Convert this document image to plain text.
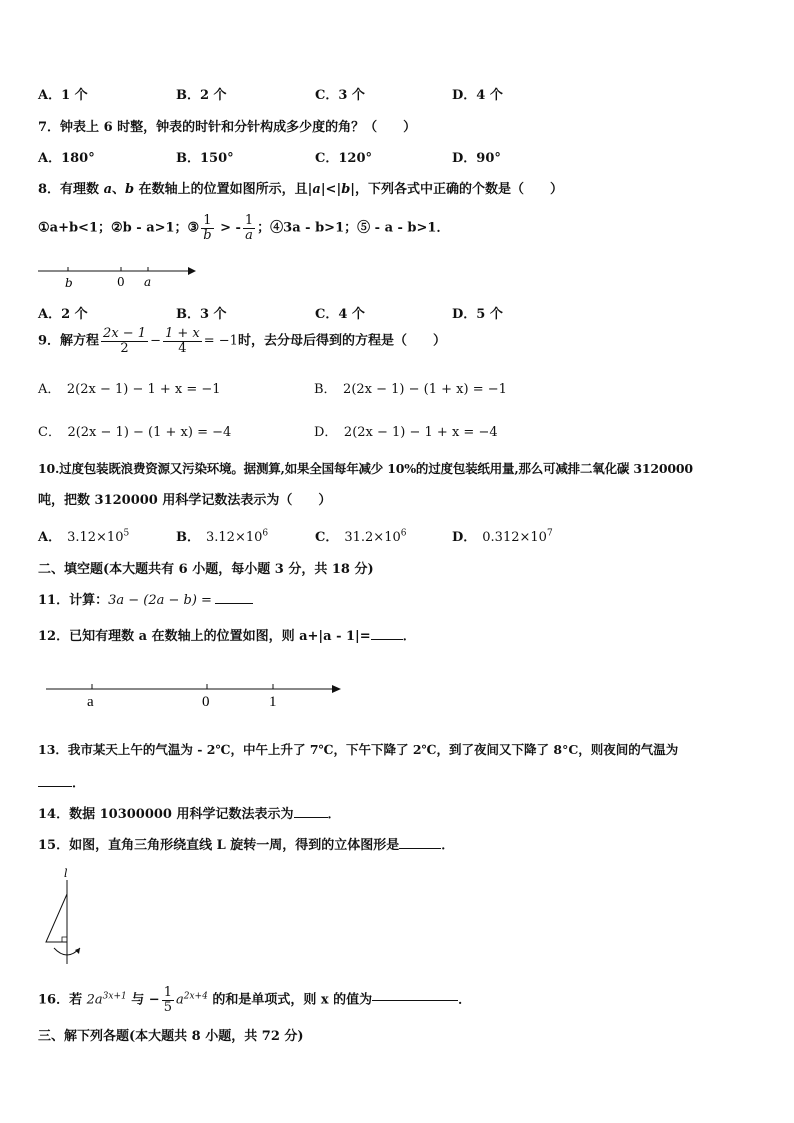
A．1 个	B．2 个	C．3 个	D．4 个
7．钟表上 6 时整，钟表的时针和分针构成多少度的角？（　　）
A．180°	B．150°	C．120°	D．90°
8．有理数 a、b 在数轴上的位置如图所示，且|a|<|b|，下列各式中正确的个数是（　　）
①a+b<1；②b - a>1；③ $\frac{1}{b}$ > - $\frac{1}{a}$ ；④3a - b>1；⑤ - a - b>1．
b	0 a
A．2 个	B．3 个	C．4 个	D．5 个
9．解方程 $\frac{2x - 1}{2} - \frac{1 + x}{4} = -1$时，去分母后得到的方程是（　　）
A．　2(2x − 1) − 1 + x = −1	B．　2(2x − 1) − (1 + x) = −1
C．　2(2x − 1) − (1 + x) = −4	D．　2(2x − 1) − 1 + x = −4
10.过度包装既浪费资源又污染环境。据测算,如果全国每年减少 10%的过度包装纸用量,那么可减排二氧化碳 3120000
吨，把数 3120000 用科学记数法表示为（　　）
A． $3.12\times 10^5$	B． $3.12\times 10^6$	C． $31.2\times 10^6$	D． $0.312\times 10^7$
二、填空题(本大题共有 6 小题，每小题 3 分，共 18 分)
11．计算：3a − (2a − b) =
12．已知有理数 a 在数轴上的位置如图，则 a+|a - 1|= ．
a	0	1
13．我市某天上午的气温为 - 2℃，中午上升了 7℃，下午下降了 2℃，到了夜间又下降了 8°C，则夜间的气温为
．
14．数据 10300000 用科学记数法表示为	．
15．如图，直角三角形绕直线 L 旋转一周，得到的立体图形是	．
l
16．若 $2a^{3x+1}$ 与 − $\frac{1}{5} a^{2x+4}$ 的和是单项式，则 x 的值为	．
三、解下列各题(本大题共 8 小题，共 72 分)
